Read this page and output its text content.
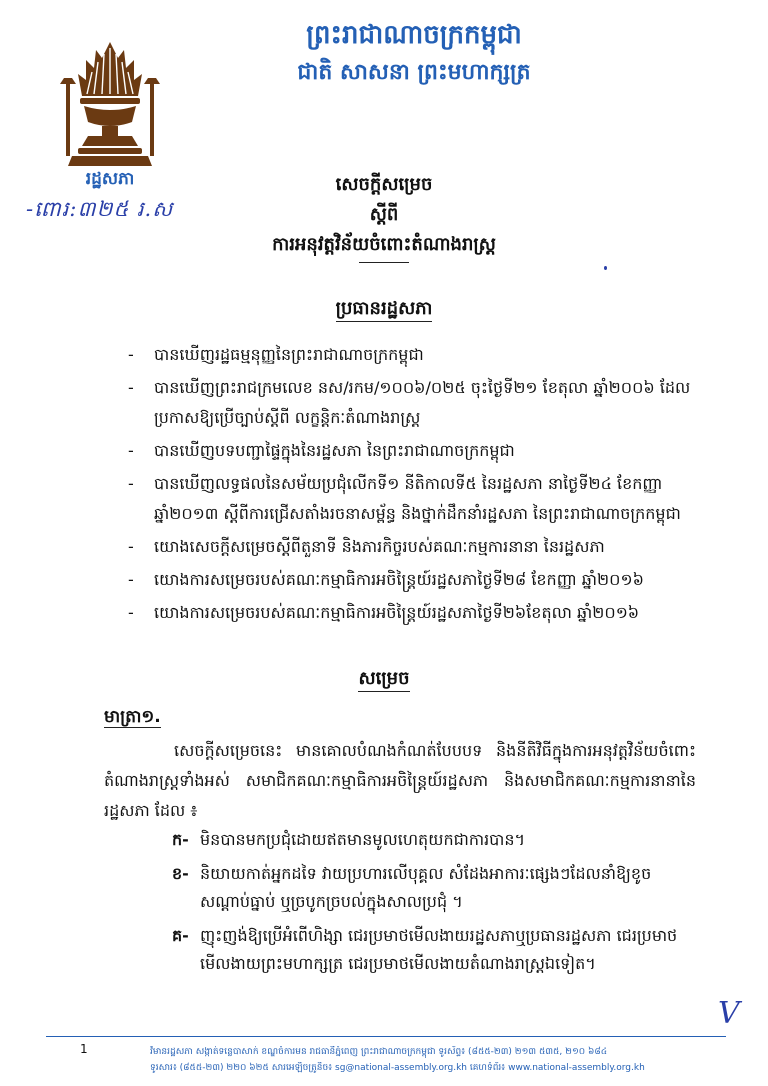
ព្រះរាជាណាចក្រកម្ពុជា
ជាតិ សាសនា ព្រះមហាក្សត្រ
រដ្ឋសភា
-ពោរ:៣២៥ រ.ស
សេចក្ដីសម្រេច
ស្ដីពី
ការអនុវត្តវិន័យចំពោះតំណាងរាស្ត្រ
ប្រធានរដ្ឋសភា
- បានឃើញរដ្ឋធម្មនុញ្ញនៃព្រះរាជាណាចក្រកម្ពុជា
- បានឃើញព្រះរាជក្រមលេខ នស/រកម/១០០៦/០២៥ ចុះថ្ងៃទី២១ ខែតុលា ឆ្នាំ២០០៦ ដែលប្រកាសឱ្យប្រើច្បាប់ស្ដីពី លក្ខន្តិកៈតំណាងរាស្ត្រ
- បានឃើញបទបញ្ជាផ្ទៃក្នុងនៃរដ្ឋសភា នៃព្រះរាជាណាចក្រកម្ពុជា
- បានឃើញលទ្ធផលនៃសម័យប្រជុំលើកទី១ នីតិកាលទី៥ នៃរដ្ឋសភា នាថ្ងៃទី២៤ ខែកញ្ញា ឆ្នាំ២០១៣ ស្ដីពីការជ្រើសតាំងរចនាសម្ព័ន្ធ និងថ្នាក់ដឹកនាំរដ្ឋសភា នៃព្រះរាជាណាចក្រកម្ពុជា
- យោងសេចក្ដីសម្រេចស្ដីពីតួនាទី និងភារកិច្ចរបស់គណៈកម្មការនានា នៃរដ្ឋសភា
- យោងការសម្រេចរបស់គណៈកម្មាធិការអចិន្ត្រៃយ៍រដ្ឋសភាថ្ងៃទី២៨ ខែកញ្ញា ឆ្នាំ២០១៦
- យោងការសម្រេចរបស់គណៈកម្មាធិការអចិន្ត្រៃយ៍រដ្ឋសភាថ្ងៃទី២៦ខែតុលា ឆ្នាំ២០១៦
សម្រេច
មាត្រា១.
សេចក្ដីសម្រេចនេះ មានគោលបំណងកំណត់បែបបទ និងនីតិវិធីក្នុងការអនុវត្តវិន័យចំពោះតំណាងរាស្ត្រទាំងអស់ សមាជិកគណៈកម្មាធិការអចិន្ត្រៃយ៍រដ្ឋសភា និងសមាជិកគណៈកម្មការនានានៃរដ្ឋសភា ដែល ៖
ក- មិនបានមកប្រជុំដោយឥតមានមូលហេតុយកជាការបាន។
ខ- និយាយកាត់អ្នកដទៃ វាយប្រហារលើបុគ្គល សំដែងអាការៈផ្សេងៗដែលនាំឱ្យខូចសណ្ដាប់ធ្នាប់ ឬច្របូកច្របល់ក្នុងសាលប្រជុំ ។
គ- ញុះញង់ឱ្យប្រើអំពើហិង្សា ជេរប្រមាថមើលងាយរដ្ឋសភាឬប្រធានរដ្ឋសភា ជេរប្រមាថមើលងាយព្រះមហាក្សត្រ ជេរប្រមាថមើលងាយតំណាងរាស្ត្រឯទៀត។
V
1	វិមានរដ្ឋសភា សង្កាត់ទន្លេបាសាក់ ខណ្ឌចំការមន រាជធានីភ្នំពេញ ព្រះរាជាណាចក្រកម្ពុជា ទូរស័ព្ទ៖ (៨៥៥-២៣) ២១៣ ៥៣៥, ២១០ ៦៨៤
ទូរសារ៖ (៨៥៥-២៣) ២២០ ៦២៥ សារអេឡិចត្រូនិច៖ sg@national-assembly.org.kh គេហទំព័រ៖ www.national-assembly.org.kh
